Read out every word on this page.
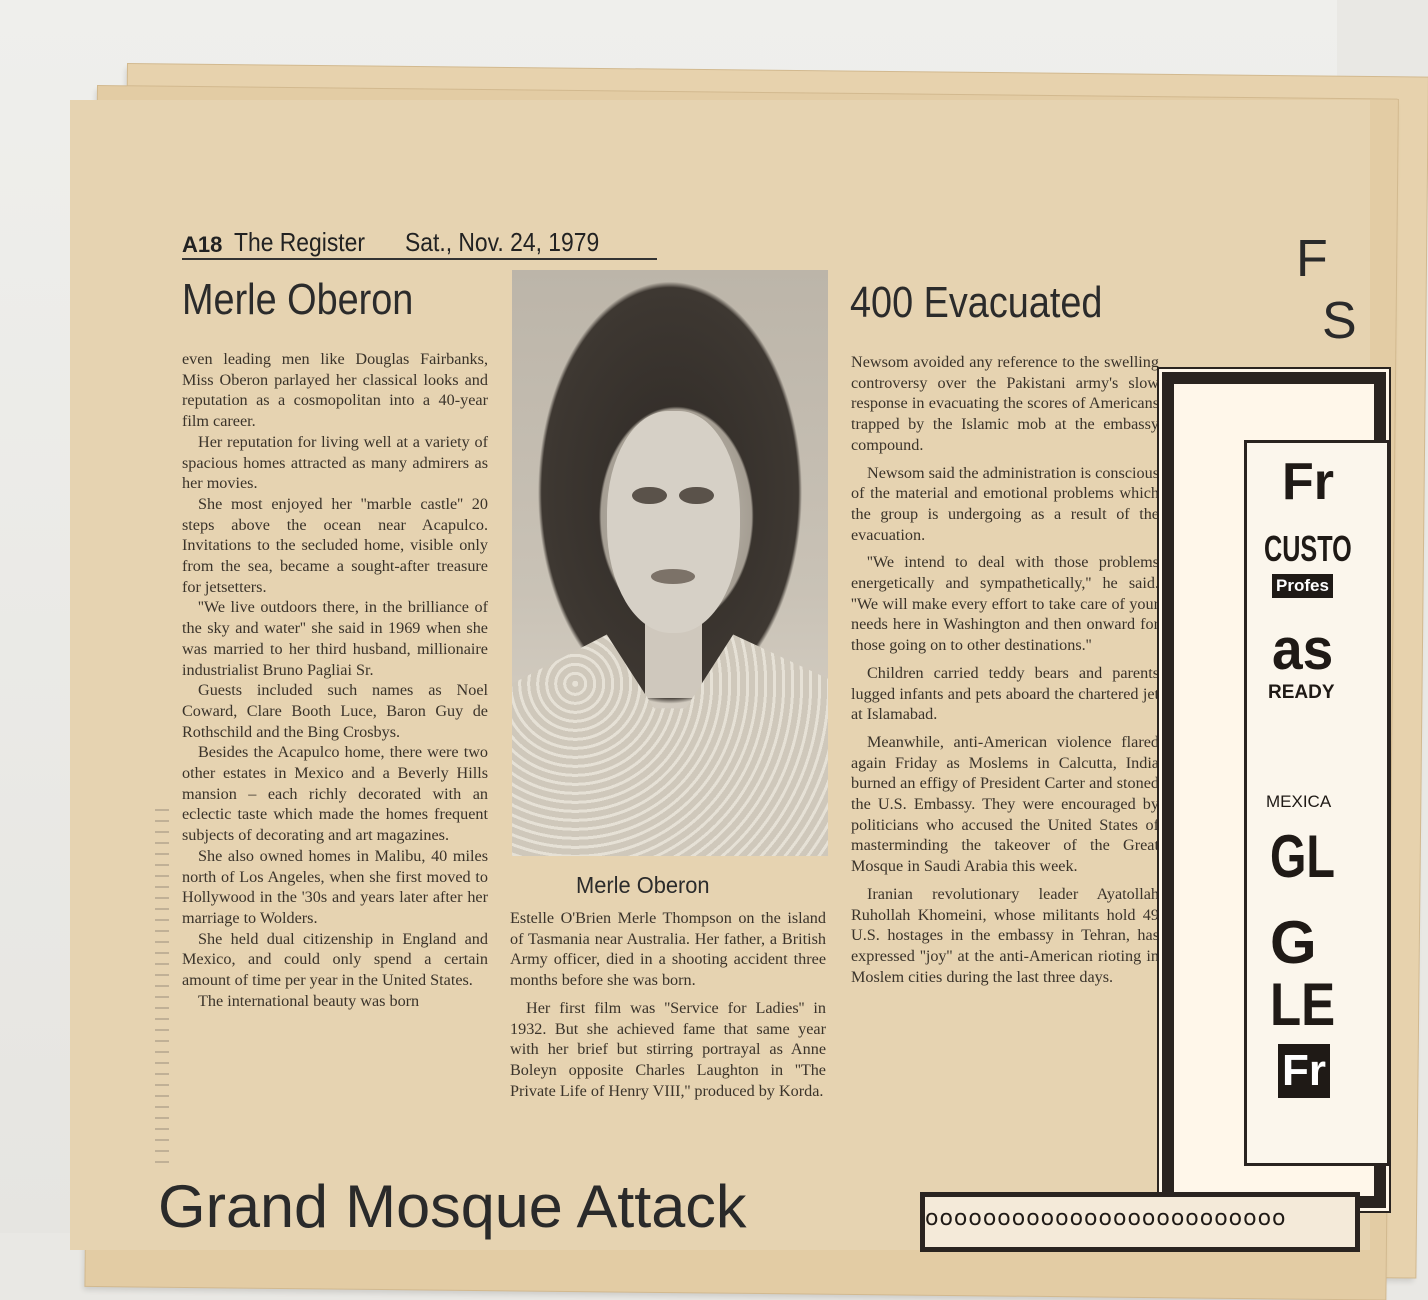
A18 The Register Sat., Nov. 24, 1979
Merle Oberon	400 Evacuated

even leading men like Douglas Fairbanks, Miss Oberon parlayed her classical looks and reputation as a cosmopolitan into a 40-year film career.

Her reputation for living well at a variety of spacious homes attracted as many admirers as her movies.

She most enjoyed her ''marble castle'' 20 steps above the ocean near Acapulco. Invitations to the secluded home, visible only from the sea, became a sought-after treasure for jetsetters.

''We live outdoors there, in the brilliance of the sky and water'' she said in 1969 when she was married to her third husband, millionaire industrialist Bruno Pagliai Sr.

Guests included such names as Noel Coward, Clare Booth Luce, Baron Guy de Rothschild and the Bing Crosbys.

Besides the Acapulco home, there were two other estates in Mexico and a Beverly Hills mansion – each richly decorated with an eclectic taste which made the homes frequent subjects of decorating and art magazines.

She also owned homes in Malibu, 40 miles north of Los Angeles, when she first moved to Hollywood in the '30s and years later after her marriage to Wolders.

She held dual citizenship in England and Mexico, and could only spend a certain amount of time per year in the United States.

The international beauty was born

Merle Oberon

Estelle O'Brien Merle Thompson on the island of Tasmania near Australia. Her father, a British Army officer, died in a shooting accident three months before she was born.

Her first film was ''Service for Ladies'' in 1932. But she achieved fame that same year with her brief but stirring portrayal as Anne Boleyn opposite Charles Laughton in ''The Private Life of Henry VIII,'' produced by Korda.

Newsom avoided any reference to the swelling controversy over the Pakistani army's slow response in evacuating the scores of Americans trapped by the Islamic mob at the embassy compound.

Newsom said the administration is conscious of the material and emotional problems which the group is undergoing as a result of the evacuation.

''We intend to deal with those problems energetically and sympathetically,'' he said. ''We will make every effort to take care of your needs here in Washington and then onward for those going on to other destinations.''

Children carried teddy bears and parents lugged infants and pets aboard the chartered jet at Islamabad.

Meanwhile, anti-American violence flared again Friday as Moslems in Calcutta, India burned an effigy of President Carter and stoned the U.S. Embassy. They were encouraged by politicians who accused the United States of masterminding the takeover of the Great Mosque in Saudi Arabia this week.

Iranian revolutionary leader Ayatollah Ruhollah Khomeini, whose militants hold 49 U.S. hostages in the embassy in Tehran, has expressed ''joy'' at the anti-American rioting in Moslem cities during the last three days.

F
S
Fr
CUSTO
Profes
as
READY
MEXICA
GL
G
LE
Fr
ooooooooooooooooooooooooo
Grand Mosque Attack
